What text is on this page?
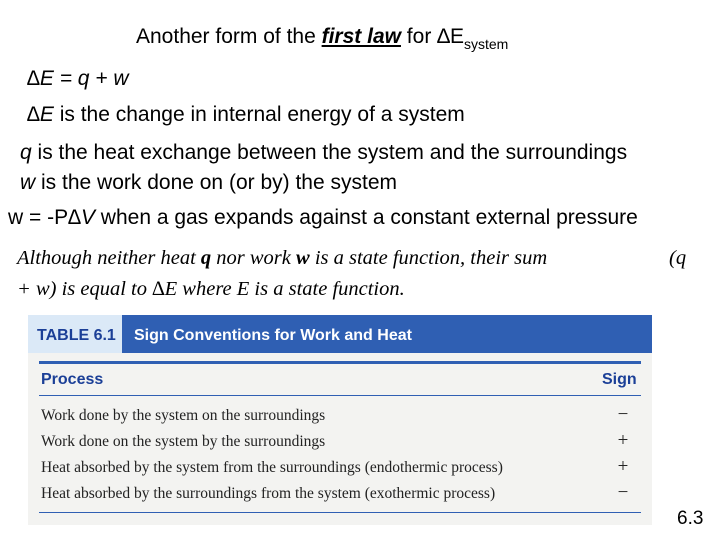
Another form of the first law for $\Delta E_{system}$
∆E = q + w
∆E is the change in internal energy of a system
q is the heat exchange between the system and the surroundings
w is the work done on (or by) the system
w = -P∆V when a gas expands against a constant external pressure
Although neither heat q nor work w is a state function, their sum	(q
+ w) is equal to ∆E where E is a state function.
TABLE 6.1 Sign Conventions for Work and Heat
Process	Sign
Work done by the system on the surroundings	−
Work done on the system by the surroundings	+
Heat absorbed by the system from the surroundings (endothermic process)	+
Heat absorbed by the surroundings from the system (exothermic process)	−
6.3
